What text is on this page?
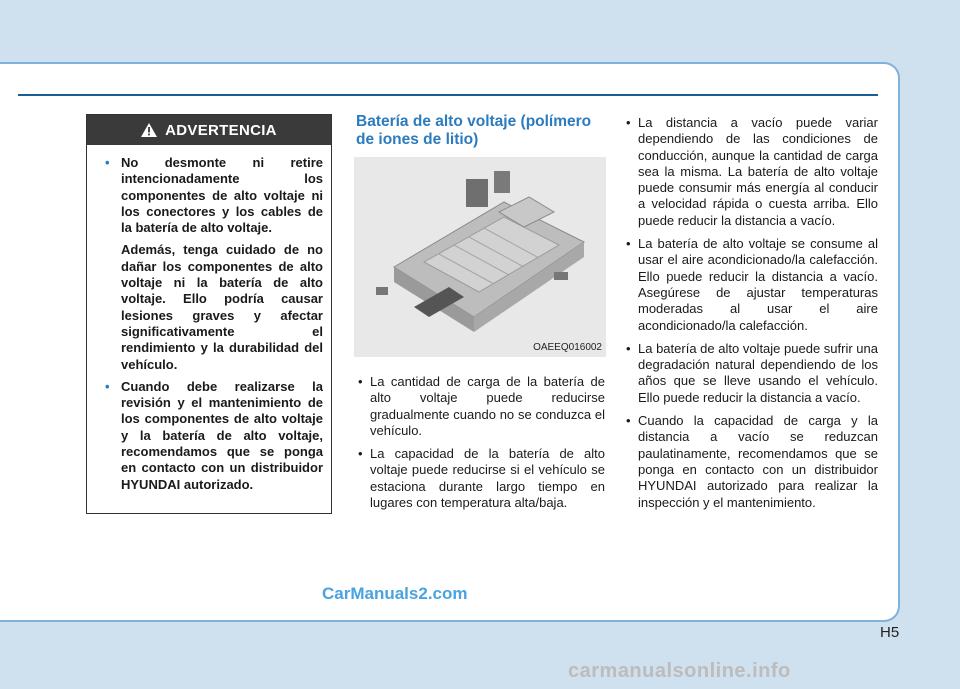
ADVERTENCIA
• No desmonte ni retire intencionadamente los componentes de alto voltaje ni los conectores y los cables de la batería de alto voltaje.

Además, tenga cuidado de no dañar los componentes de alto voltaje ni la batería de alto voltaje. Ello podría causar lesiones graves y afectar significativamente el rendimiento y la durabilidad del vehículo.

• Cuando debe realizarse la revisión y el mantenimiento de los componentes de alto voltaje y la batería de alto voltaje, recomendamos que se ponga en contacto con un distribuidor HYUNDAI autorizado.

Batería de alto voltaje (polímero de iones de litio)
OAEEQ016002
• La cantidad de carga de la batería de alto voltaje puede reducirse gradualmente cuando no se conduzca el vehículo.
• La capacidad de la batería de alto voltaje puede reducirse si el vehículo se estaciona durante largo tiempo en lugares con temperatura alta/baja.
• La distancia a vacío puede variar dependiendo de las condiciones de conducción, aunque la cantidad de carga sea la misma. La batería de alto voltaje puede consumir más energía al conducir a velocidad rápida o cuesta arriba. Ello puede reducir la distancia a vacío.
• La batería de alto voltaje se consume al usar el aire acondicionado/la calefacción. Ello puede reducir la distancia a vacío. Asegúrese de ajustar temperaturas moderadas al usar el aire acondicionado/la calefacción.
• La batería de alto voltaje puede sufrir una degradación natural dependiendo de los años que se lleve usando el vehículo. Ello puede reducir la distancia a vacío.
• Cuando la capacidad de carga y la distancia a vacío se reduzcan paulatinamente, recomendamos que se ponga en contacto con un distribuidor HYUNDAI autorizado para realizar la inspección y el mantenimiento.
CarManuals2.com
H5
carmanualsonline.info
